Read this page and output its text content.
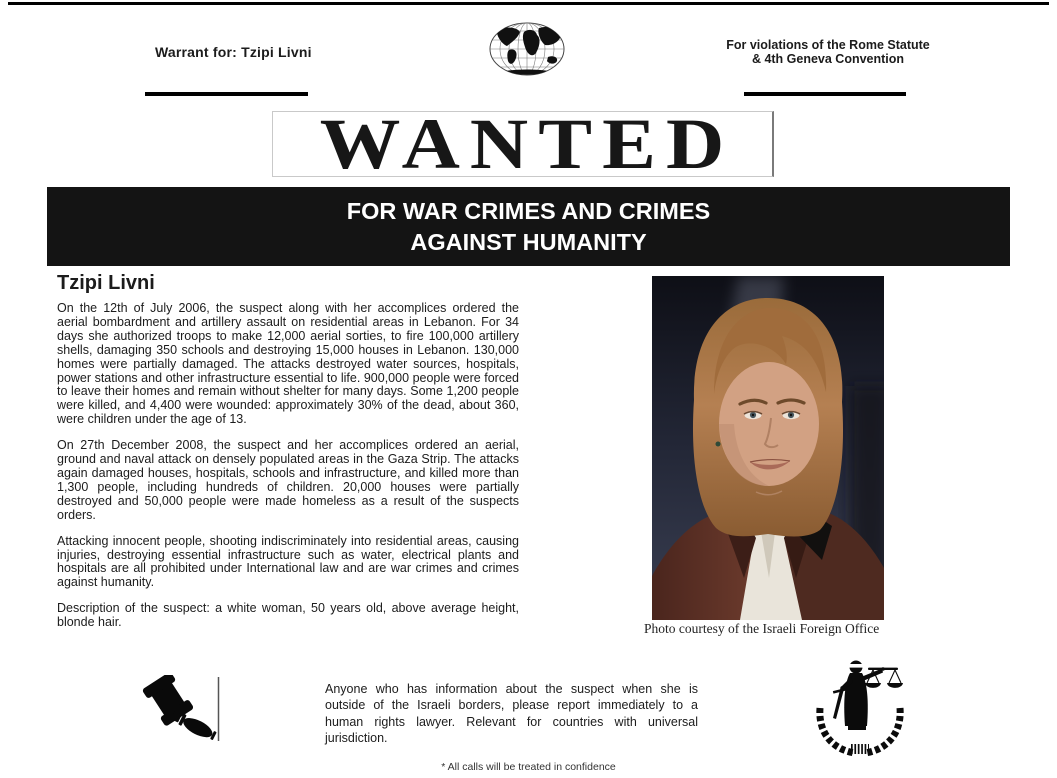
Warrant for: Tzipi Livni	For violations of the Rome Statute
& 4th Geneva Convention
WANTED
FOR WAR CRIMES AND CRIMES
AGAINST HUMANITY
Tzipi Livni

On the 12th of July 2006, the suspect along with her accomplices ordered the aerial bombardment and artillery assault on residential areas in Lebanon. For 34 days she authorized troops to make 12,000 aerial sorties, to fire 100,000 artillery shells, damaging 350 schools and destroying 15,000 houses in Lebanon. 130,000 homes were partially damaged. The attacks destroyed water sources, hospitals, power stations and other infrastructure essential to life. 900,000 people were forced to leave their homes and remain without shelter for many days. Some 1,200 people were killed, and 4,400 were wounded: approximately 30% of the dead, about 360, were children under the age of 13.

On 27th December 2008, the suspect and her accomplices ordered an aerial, ground and naval attack on densely populated areas in the Gaza Strip. The attacks again damaged houses, hospitals, schools and infrastructure, and killed more than 1,300 people, including hundreds of children. 20,000 houses were partially destroyed and 50,000 people were made homeless as a result of the suspects orders.

Attacking innocent people, shooting indiscriminately into residential areas, causing injuries, destroying essential infrastructure such as water, electrical plants and hospitals are all prohibited under International law and are war crimes and crimes against humanity.

Description of the suspect: a white woman, 50 years old, above average height, blonde hair.	Photo courtesy of the Israeli Foreign Office
Anyone who has information about the suspect when she is outside of the Israeli borders, please report immediately to a human rights lawyer. Relevant for countries with universal jurisdiction.
* All calls will be treated in confidence
